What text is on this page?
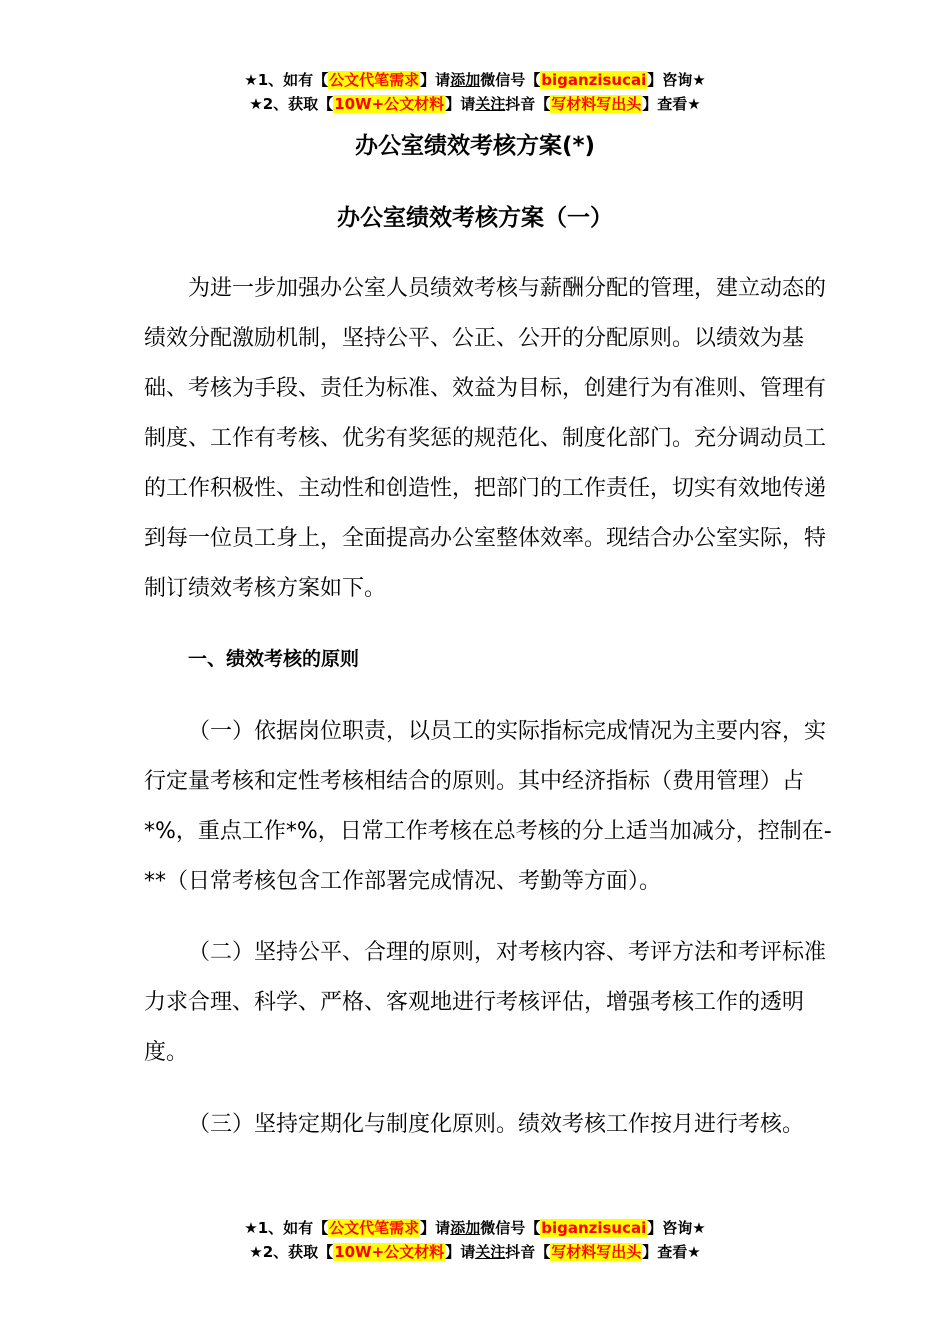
★1、如有【公文代笔需求】请添加微信号【biganzisucai】咨询★
★2、获取【10W+公文材料】请关注抖音【写材料写出头】查看★
办公室绩效考核方案(*)
办公室绩效考核方案（一）

为进一步加强办公室人员绩效考核与薪酬分配的管理，建立动态的绩效分配激励机制，坚持公平、公正、公开的分配原则。以绩效为基础、考核为手段、责任为标准、效益为目标，创建行为有准则、管理有制度、工作有考核、优劣有奖惩的规范化、制度化部门。充分调动员工的工作积极性、主动性和创造性，把部门的工作责任，切实有效地传递到每一位员工身上，全面提高办公室整体效率。现结合办公室实际，特制订绩效考核方案如下。

一、绩效考核的原则

（一）依据岗位职责，以员工的实际指标完成情况为主要内容，实行定量考核和定性考核相结合的原则。其中经济指标（费用管理）占*%，重点工作*%，日常工作考核在总考核的分上适当加减分，控制在-**（日常考核包含工作部署完成情况、考勤等方面）。

（二）坚持公平、合理的原则，对考核内容、考评方法和考评标准力求合理、科学、严格、客观地进行考核评估，增强考核工作的透明度。

（三）坚持定期化与制度化原则。绩效考核工作按月进行考核。

★1、如有【公文代笔需求】请添加微信号【biganzisucai】咨询★
★2、获取【10W+公文材料】请关注抖音【写材料写出头】查看★
